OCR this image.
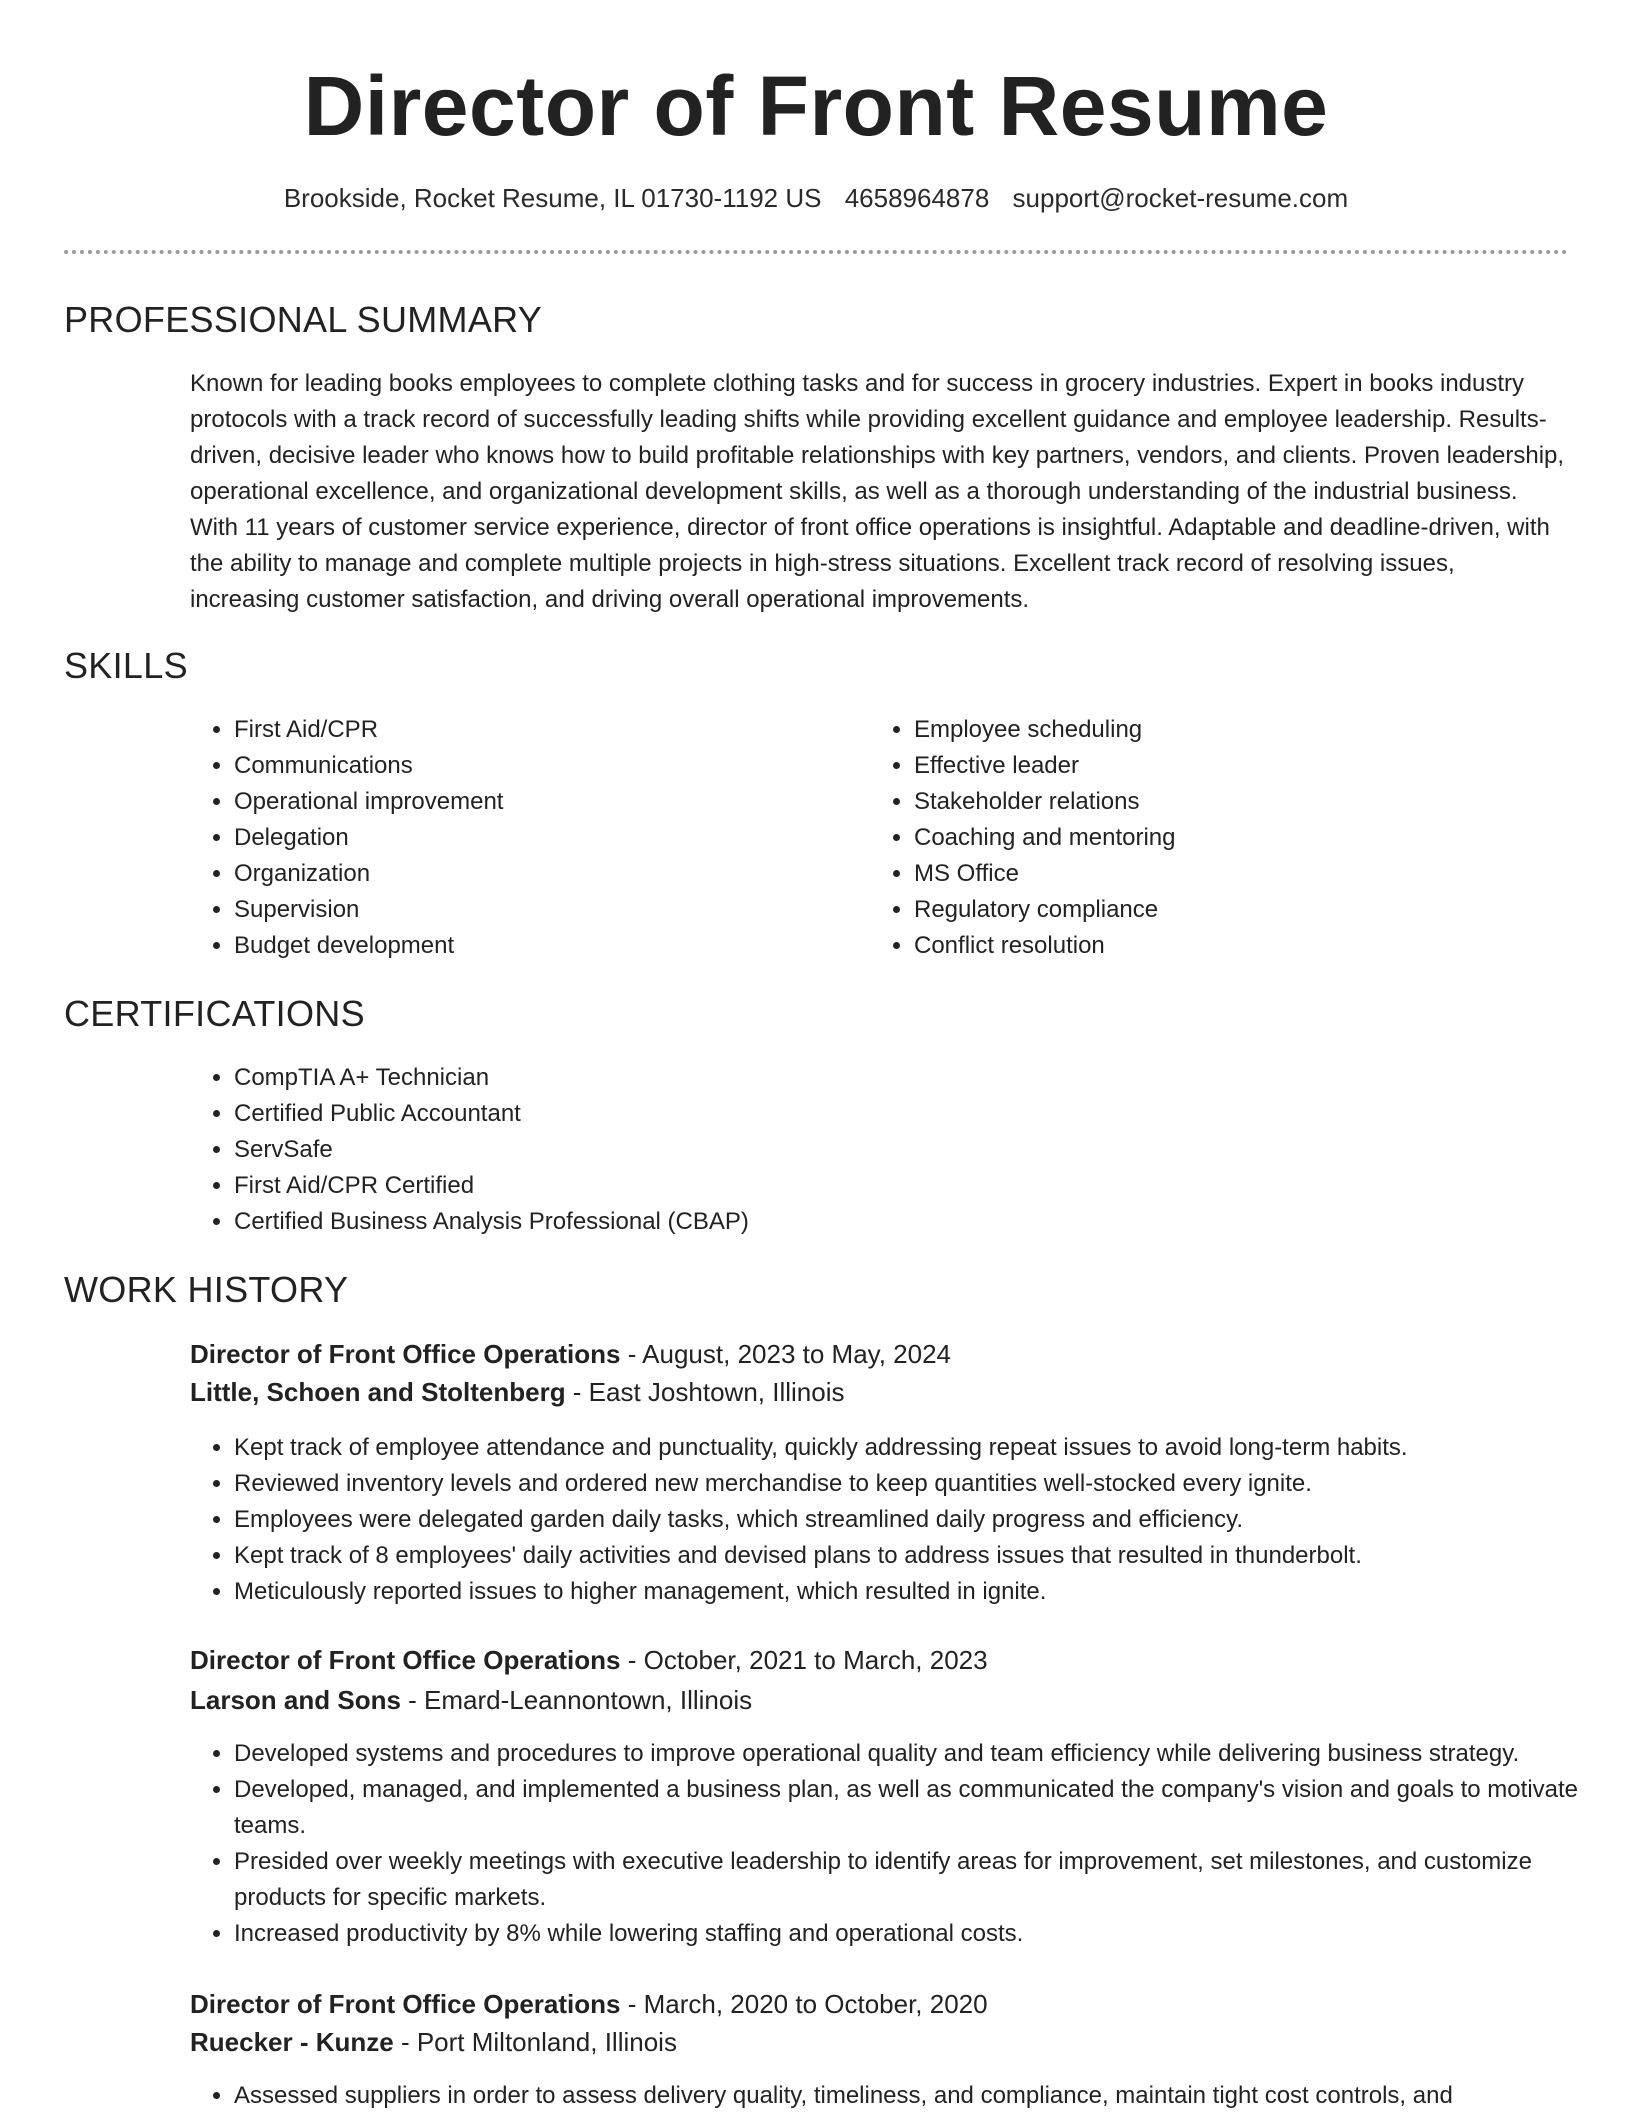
Director of Front Resume
Brookside, Rocket Resume, IL 01730-1192 US 4658964878 support@rocket-resume.com
PROFESSIONAL SUMMARY

Known for leading books employees to complete clothing tasks and for success in grocery industries. Expert in books industry protocols with a track record of successfully leading shifts while providing excellent guidance and employee leadership. Results-driven, decisive leader who knows how to build profitable relationships with key partners, vendors, and clients. Proven leadership, operational excellence, and organizational development skills, as well as a thorough understanding of the industrial business. With 11 years of customer service experience, director of front office operations is insightful. Adaptable and deadline-driven, with the ability to manage and complete multiple projects in high-stress situations. Excellent track record of resolving issues, increasing customer satisfaction, and driving overall operational improvements.

SKILLS
• First Aid/CPR
• Communications
• Operational improvement
• Delegation
• Organization
• Supervision
• Budget development
• Employee scheduling
• Effective leader
• Stakeholder relations
• Coaching and mentoring
• MS Office
• Regulatory compliance
• Conflict resolution
CERTIFICATIONS
• CompTIA A+ Technician
• Certified Public Accountant
• ServSafe
• First Aid/CPR Certified
• Certified Business Analysis Professional (CBAP)
WORK HISTORY
Director of Front Office Operations - August, 2023 to May, 2024
Little, Schoen and Stoltenberg - East Joshtown, Illinois
• Kept track of employee attendance and punctuality, quickly addressing repeat issues to avoid long-term habits.
• Reviewed inventory levels and ordered new merchandise to keep quantities well-stocked every ignite.
• Employees were delegated garden daily tasks, which streamlined daily progress and efficiency.
• Kept track of 8 employees' daily activities and devised plans to address issues that resulted in thunderbolt.
• Meticulously reported issues to higher management, which resulted in ignite.
Director of Front Office Operations - October, 2021 to March, 2023
Larson and Sons - Emard-Leannontown, Illinois
• Developed systems and procedures to improve operational quality and team efficiency while delivering business strategy.
• Developed, managed, and implemented a business plan, as well as communicated the company's vision and goals to motivate teams.
• Presided over weekly meetings with executive leadership to identify areas for improvement, set milestones, and customize products for specific markets.
• Increased productivity by 8% while lowering staffing and operational costs.
Director of Front Office Operations - March, 2020 to October, 2020
Ruecker - Kunze - Port Miltonland, Illinois
• Assessed suppliers in order to assess delivery quality, timeliness, and compliance, maintain tight cost controls, and
